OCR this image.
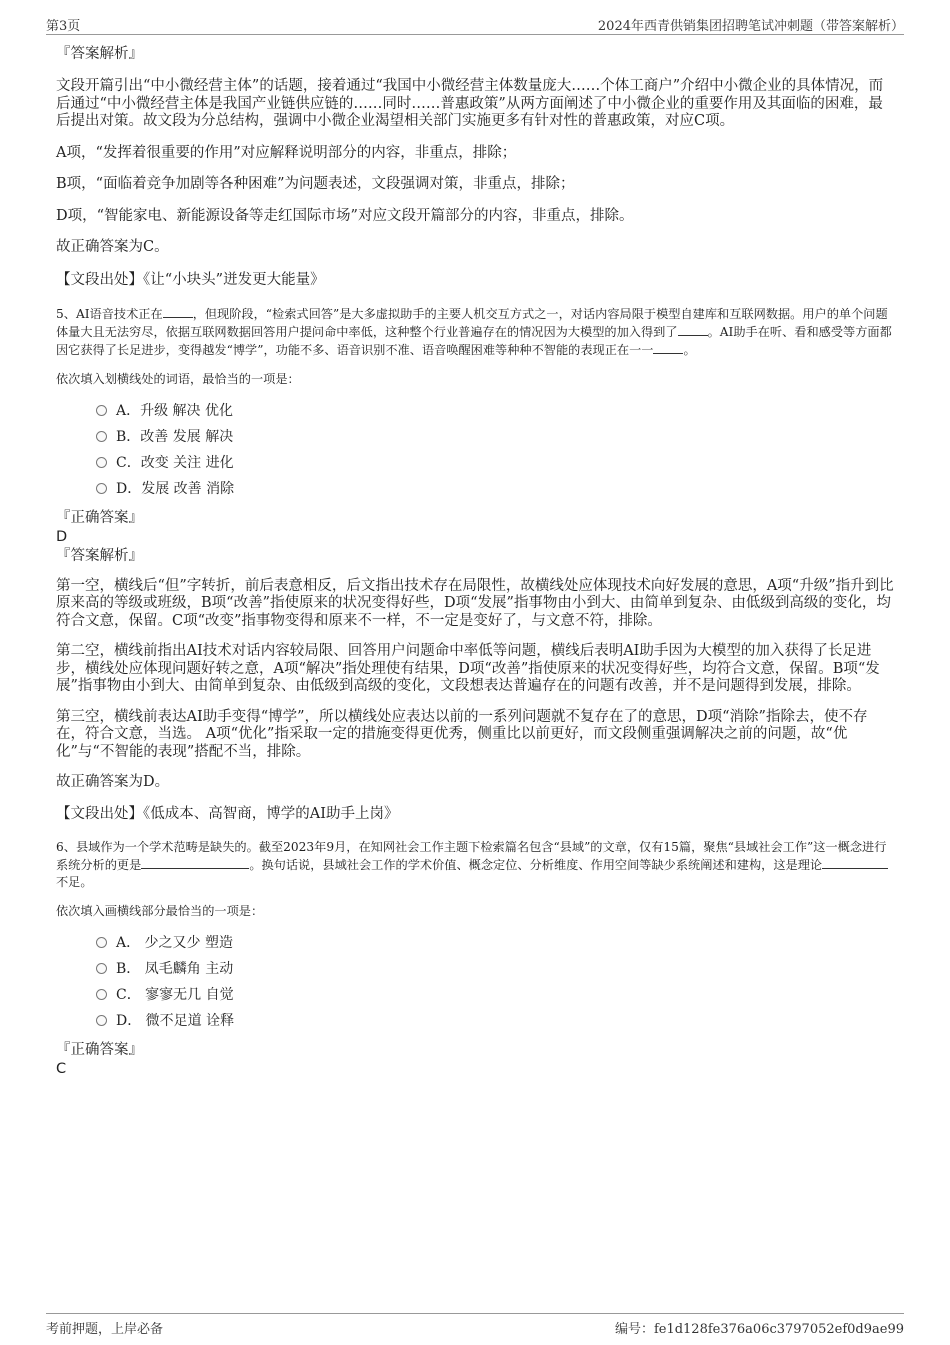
第3页	2024年西青供销集团招聘笔试冲刺题（带答案解析）

『答案解析』

文段开篇引出“中小微经营主体”的话题，接着通过“我国中小微经营主体数量庞大……个体工商户”介绍中小微企业的具体情况，而后通过“中小微经营主体是我国产业链供应链的……同时……普惠政策”从两方面阐述了中小微企业的重要作用及其面临的困难，最后提出对策。故文段为分总结构，强调中小微企业渴望相关部门实施更多有针对性的普惠政策，对应C项。

A项，“发挥着很重要的作用”对应解释说明部分的内容，非重点，排除；

B项，“面临着竞争加剧等各种困难”为问题表述，文段强调对策，非重点，排除；

D项，“智能家电、新能源设备等走红国际市场”对应文段开篇部分的内容，非重点，排除。

故正确答案为C。

【文段出处】《让“小块头”迸发更大能量》

5、AI语音技术正在 ，但现阶段，“检索式回答”是大多虚拟助手的主要人机交互方式之一，对话内容局限于模型自建库和互联网数据。用户的单个问题体量大且无法穷尽，依据互联网数据回答用户提问命中率低，这种整个行业普遍存在的情况因为大模型的加入得到了 。AI助手在听、看和感受等方面都因它获得了长足进步，变得越发“博学”，功能不多、语音识别不准、语音唤醒困难等种种不智能的表现正在一一 。

依次填入划横线处的词语，最恰当的一项是：

A．升级 解决 优化
B．改善 发展 解决
C．改变 关注 进化
D．发展 改善 消除

『正确答案』

D

『答案解析』

第一空，横线后“但”字转折，前后表意相反，后文指出技术存在局限性，故横线处应体现技术向好发展的意思，A项“升级”指升到比原来高的等级或班级，B项“改善”指使原来的状况变得好些，D项“发展”指事物由小到大、由简单到复杂、由低级到高级的变化，均符合文意，保留。C项“改变”指事物变得和原来不一样，不一定是变好了，与文意不符，排除。

第二空，横线前指出AI技术对话内容较局限、回答用户问题命中率低等问题，横线后表明AI助手因为大模型的加入获得了长足进步，横线处应体现问题好转之意，A项“解决”指处理使有结果，D项“改善”指使原来的状况变得好些，均符合文意，保留。B项“发展”指事物由小到大、由简单到复杂、由低级到高级的变化，文段想表达普遍存在的问题有改善，并不是问题得到发展，排除。

第三空，横线前表达AI助手变得“博学”，所以横线处应表达以前的一系列问题就不复存在了的意思，D项“消除”指除去，使不存在，符合文意，当选。 A项“优化”指采取一定的措施变得更优秀，侧重比以前更好，而文段侧重强调解决之前的问题，故“优化”与“不智能的表现”搭配不当，排除。

故正确答案为D。

【文段出处】《低成本、高智商，博学的AI助手上岗》

6、县域作为一个学术范畴是缺失的。截至2023年9月，在知网社会工作主题下检索篇名包含“县域”的文章，仅有15篇，聚焦“县域社会工作”这一概念进行系统分析的更是	。换句话说，县域社会工作的学术价值、概念定位、分析维度、作用空间等缺少系统阐述和建构，这是理论不足。

依次填入画横线部分最恰当的一项是：

A． 少之又少 塑造
B． 凤毛麟角 主动
C． 寥寥无几 自觉
D． 微不足道 诠释

『正确答案』

C

考前押题，上岸必备	编号：fe1d128fe376a06c3797052ef0d9ae99
